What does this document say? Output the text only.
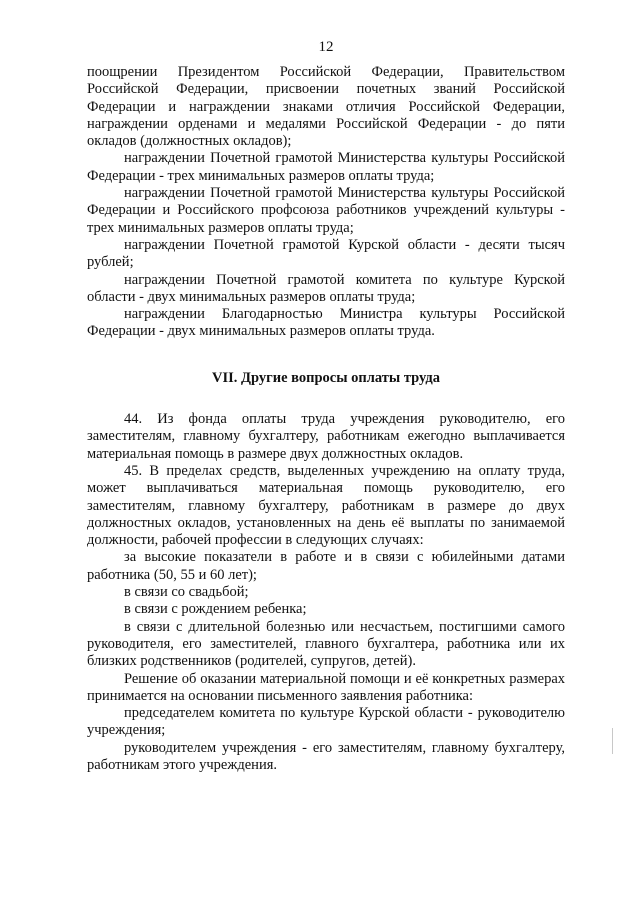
12

поощрении Президентом Российской Федерации, Правительством Российской Федерации, присвоении почетных званий Российской Федерации и награждении знаками отличия Российской Федерации, награждении орденами и медалями Российской Федерации - до пяти окладов (должностных окладов);

награждении Почетной грамотой Министерства культуры Российской Федерации - трех минимальных размеров оплаты труда;

награждении Почетной грамотой Министерства культуры Российской Федерации и Российского профсоюза работников учреждений культуры - трех минимальных размеров оплаты труда;

награждении Почетной грамотой Курской области - десяти тысяч рублей;

награждении Почетной грамотой комитета по культуре Курской области - двух минимальных размеров оплаты труда;

награждении Благодарностью Министра культуры Российской Федерации - двух минимальных размеров оплаты труда.

VII. Другие вопросы оплаты труда

44. Из фонда оплаты труда учреждения руководителю, его заместителям, главному бухгалтеру, работникам ежегодно выплачивается материальная помощь в размере двух должностных окладов.

45. В пределах средств, выделенных учреждению на оплату труда, может выплачиваться материальная помощь руководителю, его заместителям, главному бухгалтеру, работникам в размере до двух должностных окладов, установленных на день её выплаты по занимаемой должности, рабочей профессии в следующих случаях:

за высокие показатели в работе и в связи с юбилейными датами работника (50, 55 и 60 лет);

в связи со свадьбой;

в связи с рождением ребенка;

в связи с длительной болезнью или несчастьем, постигшими самого руководителя, его заместителей, главного бухгалтера, работника или их близких родственников (родителей, супругов, детей).

Решение об оказании материальной помощи и её конкретных размерах принимается на основании письменного заявления работника:

председателем комитета по культуре Курской области - руководителю учреждения;

руководителем учреждения - его заместителям, главному бухгалтеру, работникам этого учреждения.
